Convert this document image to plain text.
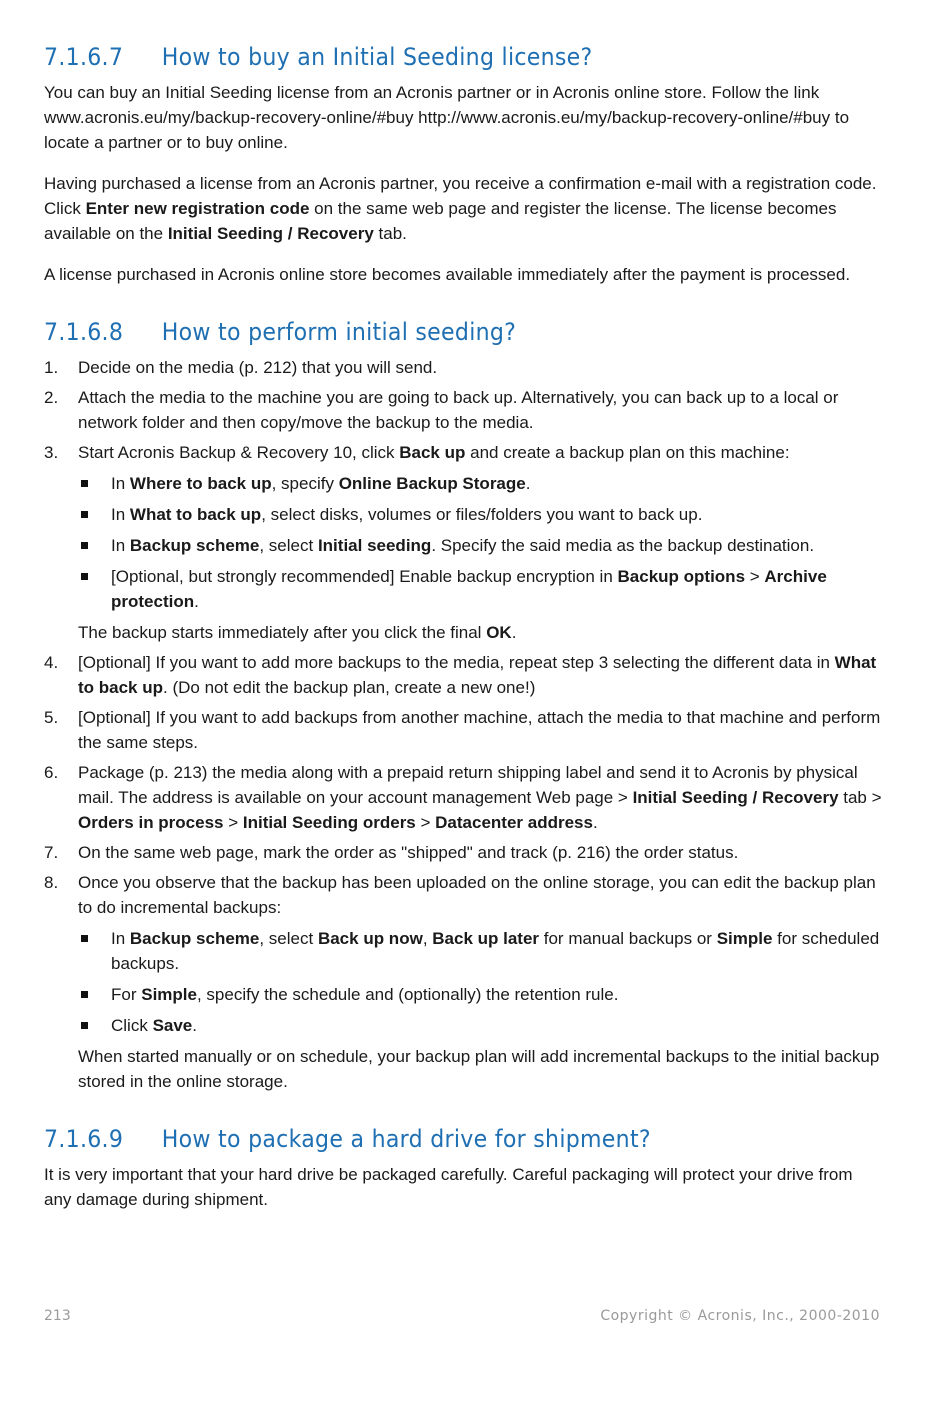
7.1.6.7 How to buy an Initial Seeding license?

You can buy an Initial Seeding license from an Acronis partner or in Acronis online store. Follow the link www.acronis.eu/my/backup-recovery-online/#buy http://www.acronis.eu/my/backup-recovery-online/#buy to locate a partner or to buy online.

Having purchased a license from an Acronis partner, you receive a confirmation e-mail with a registration code. Click Enter new registration code on the same web page and register the license. The license becomes available on the Initial Seeding / Recovery tab.

A license purchased in Acronis online store becomes available immediately after the payment is processed.

7.1.6.8 How to perform initial seeding?
1. Decide on the media (p. 212) that you will send.
2. Attach the media to the machine you are going to back up. Alternatively, you can back up to a local or network folder and then copy/move the backup to the media.
3. Start Acronis Backup & Recovery 10, click Back up and create a backup plan on this machine:
In Where to back up, specify Online Backup Storage.
In What to back up, select disks, volumes or files/folders you want to back up.
In Backup scheme, select Initial seeding. Specify the said media as the backup destination.
[Optional, but strongly recommended] Enable backup encryption in Backup options > Archive protection.
The backup starts immediately after you click the final OK.
4. [Optional] If you want to add more backups to the media, repeat step 3 selecting the different data in What to back up. (Do not edit the backup plan, create a new one!)
5. [Optional] If you want to add backups from another machine, attach the media to that machine and perform the same steps.
6. Package (p. 213) the media along with a prepaid return shipping label and send it to Acronis by physical mail. The address is available on your account management Web page > Initial Seeding / Recovery tab > Orders in process > Initial Seeding orders > Datacenter address.
7. On the same web page, mark the order as "shipped" and track (p. 216) the order status.
8. Once you observe that the backup has been uploaded on the online storage, you can edit the backup plan to do incremental backups:
In Backup scheme, select Back up now, Back up later for manual backups or Simple for scheduled backups.
For Simple, specify the schedule and (optionally) the retention rule.
Click Save.
When started manually or on schedule, your backup plan will add incremental backups to the initial backup stored in the online storage.
7.1.6.9 How to package a hard drive for shipment?

It is very important that your hard drive be packaged carefully. Careful packaging will protect your drive from any damage during shipment.

213	Copyright © Acronis, Inc., 2000-2010
